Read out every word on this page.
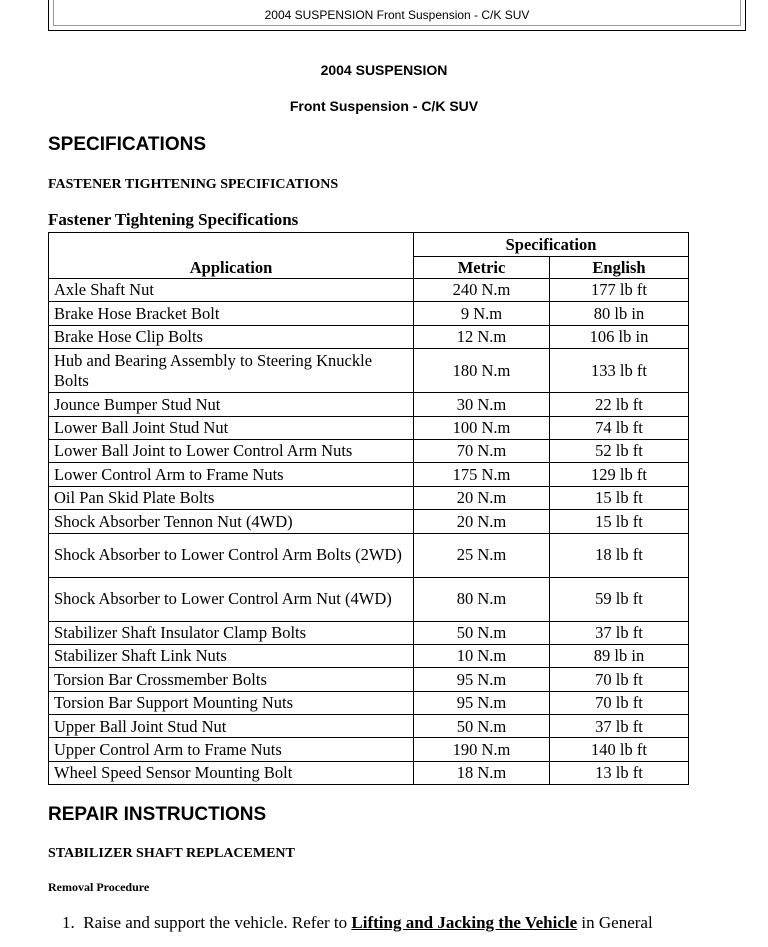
2004 SUSPENSION Front Suspension - C/K SUV
2004 SUSPENSION
Front Suspension - C/K SUV
SPECIFICATIONS
FASTENER TIGHTENING SPECIFICATIONS
Fastener Tightening Specifications
Application	Specification	
	Metric	English
Axle Shaft Nut	240 N.m	177 lb ft
Brake Hose Bracket Bolt	9 N.m	80 lb in
Brake Hose Clip Bolts	12 N.m	106 lb in
Hub and Bearing Assembly to Steering Knuckle Bolts	180 N.m	133 lb ft
Jounce Bumper Stud Nut	30 N.m	22 lb ft
Lower Ball Joint Stud Nut	100 N.m	74 lb ft
Lower Ball Joint to Lower Control Arm Nuts	70 N.m	52 lb ft
Lower Control Arm to Frame Nuts	175 N.m	129 lb ft
Oil Pan Skid Plate Bolts	20 N.m	15 lb ft
Shock Absorber Tennon Nut (4WD)	20 N.m	15 lb ft
Shock Absorber to Lower Control Arm Bolts (2WD)	25 N.m	18 lb ft
Shock Absorber to Lower Control Arm Nut (4WD)	80 N.m	59 lb ft
Stabilizer Shaft Insulator Clamp Bolts	50 N.m	37 lb ft
Stabilizer Shaft Link Nuts	10 N.m	89 lb in
Torsion Bar Crossmember Bolts	95 N.m	70 lb ft
Torsion Bar Support Mounting Nuts	95 N.m	70 lb ft
Upper Ball Joint Stud Nut	50 N.m	37 lb ft
Upper Control Arm to Frame Nuts	190 N.m	140 lb ft
Wheel Speed Sensor Mounting Bolt	18 N.m	13 lb ft
REPAIR INSTRUCTIONS
STABILIZER SHAFT REPLACEMENT
Removal Procedure
1. Raise and support the vehicle. Refer to Lifting and Jacking the Vehicle in General
